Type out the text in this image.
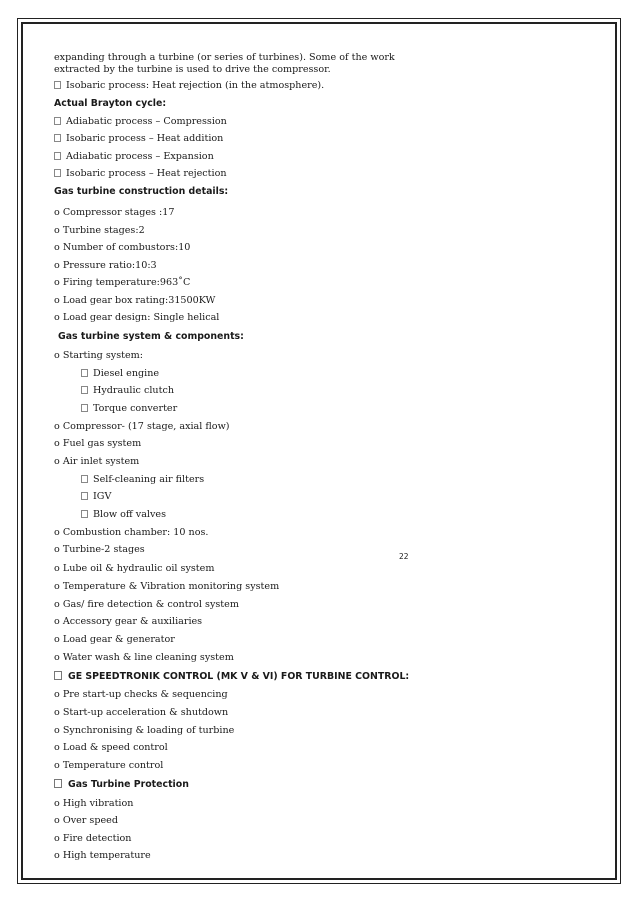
expanding through a turbine (or series of turbines). Some of the work
extracted by the turbine is used to drive the compressor.
Isobaric process: Heat rejection (in the atmosphere).
Actual Brayton cycle:
Adiabatic process – Compression
Isobaric process – Heat addition
Adiabatic process – Expansion
Isobaric process – Heat rejection
Gas turbine construction details:
o Compressor stages :17
o Turbine stages:2
o Number of combustors:10
o Pressure ratio:10:3
o Firing temperature:963˚C
o Load gear box rating:31500KW
o Load gear design: Single helical
Gas turbine system & components:
o Starting system:
Diesel engine
Hydraulic clutch
Torque converter
o Compressor- (17 stage, axial flow)
o Fuel gas system
o Air inlet system
Self-cleaning air filters
IGV
Blow off valves
o Combustion chamber: 10 nos.
o Turbine-2 stages
22
o Lube oil & hydraulic oil system
o Temperature & Vibration monitoring system
o Gas/ fire detection & control system
o Accessory gear & auxiliaries
o Load gear & generator
o Water wash & line cleaning system
GE SPEEDTRONIK CONTROL (MK V & VI) FOR TURBINE CONTROL:
o Pre start-up checks & sequencing
o Start-up acceleration & shutdown
o Synchronising & loading of turbine
o Load & speed control
o Temperature control
Gas Turbine Protection
o High vibration
o Over speed
o Fire detection
o High temperature
